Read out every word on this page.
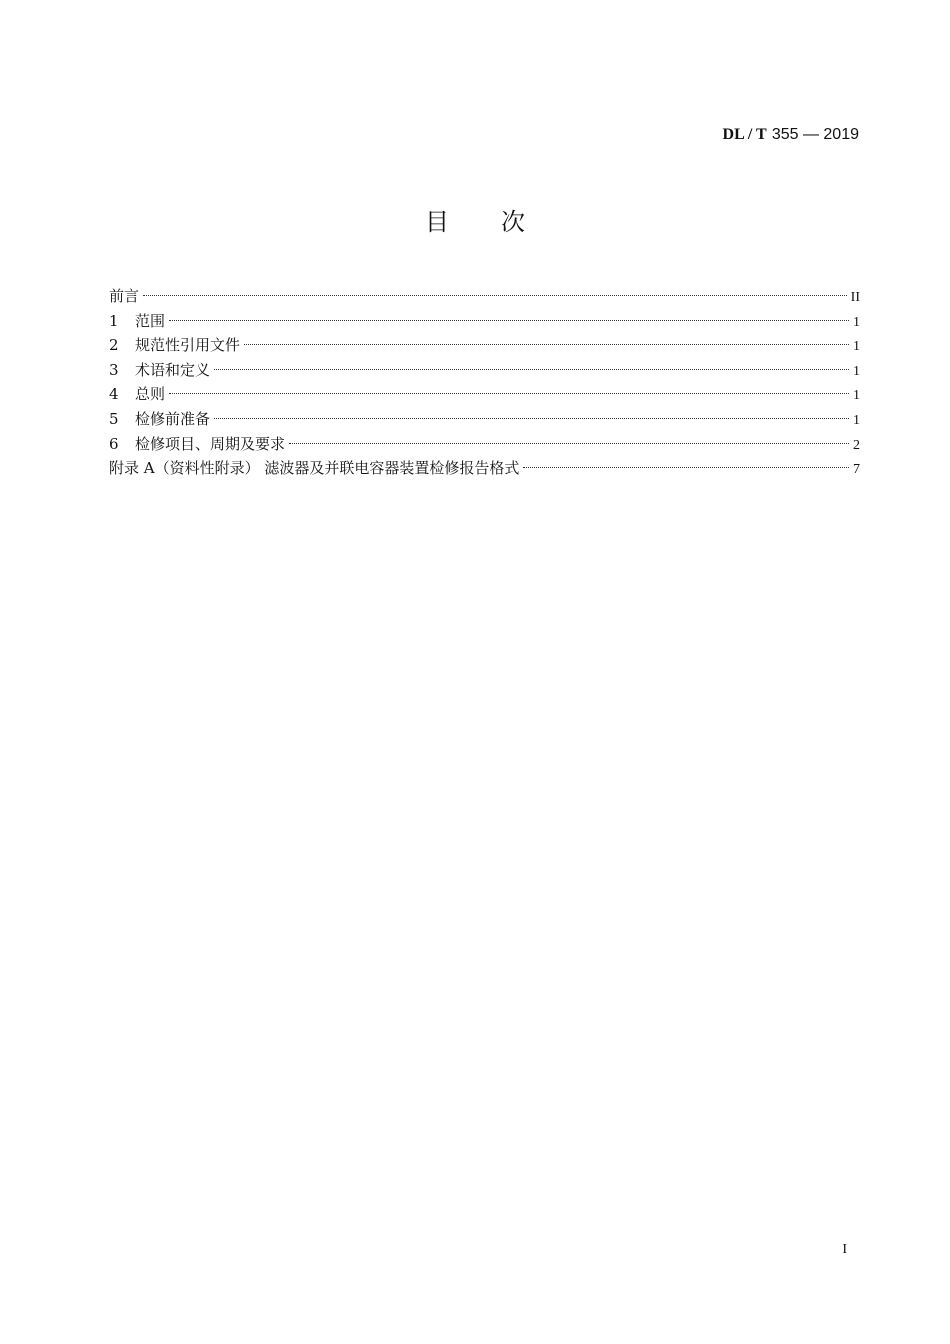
DL / T 355 — 2019
目次
前言	II
1	范围	1
2	规范性引用文件	1
3	术语和定义	1
4	总则	1
5	检修前准备	1
6	检修项目、周期及要求	2
附录 A（资料性附录） 滤波器及并联电容器装置检修报告格式	7
I
